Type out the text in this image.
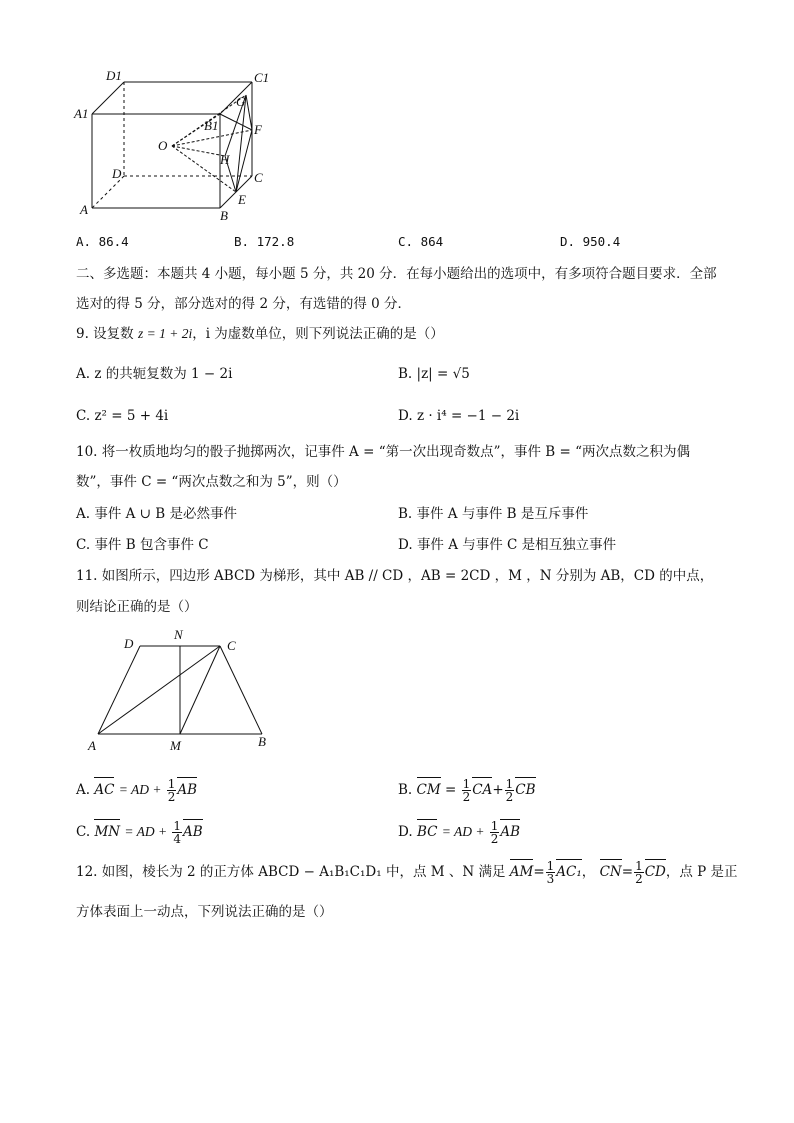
D1	C1
A1
G
B1	F
O
H
D	C
E
A	B
A. 86.4	B. 172.8	C. 864	D. 950.4
二、多选题：本题共 4 小题，每小题 5 分，共 20 分．在每小题给出的选项中，有多项符合题目要求．全部
选对的得 5 分，部分选对的得 2 分，有选错的得 0 分．
9. 设复数 z = 1 + 2i，i 为虚数单位，则下列说法正确的是（）
A. z 的共轭复数为 1 − 2i	B. |z| = √5
C. z² = 5 + 4i	D. z · i⁴ = −1 − 2i
10. 将一枚质地均匀的骰子抛掷两次，记事件 A = “第一次出现奇数点”，事件 B = “两次点数之积为偶
数”，事件 C = “两次点数之和为 5”，则（）
A. 事件 A ∪ B 是必然事件	B. 事件 A 与事件 B 是互斥事件
C. 事件 B 包含事件 C	D. 事件 A 与事件 C 是相互独立事件
11. 如图所示，四边形 ABCD 为梯形，其中 AB // CD ，AB = 2CD ，M ，N 分别为 AB，CD 的中点，
则结论正确的是（）
D
N
C
A	M	B
A. AC = AD + $\frac{1}{2}$ AB	B. CM = $\frac{1}{2} CA+ \frac{1}{2}$ CB
C. MN = AD + $\frac{1}{4}$ AB	D. BC = AD + $\frac{1}{2}$ AB
12. 如图，棱长为 2 的正方体 ABCD − A₁B₁C₁D₁ 中，点 M 、N 满足 $AM= \frac{1}{3} AC_1$， $CN= \frac{1}{2}$ CD，点 P 是正
方体表面上一动点，下列说法正确的是（）
